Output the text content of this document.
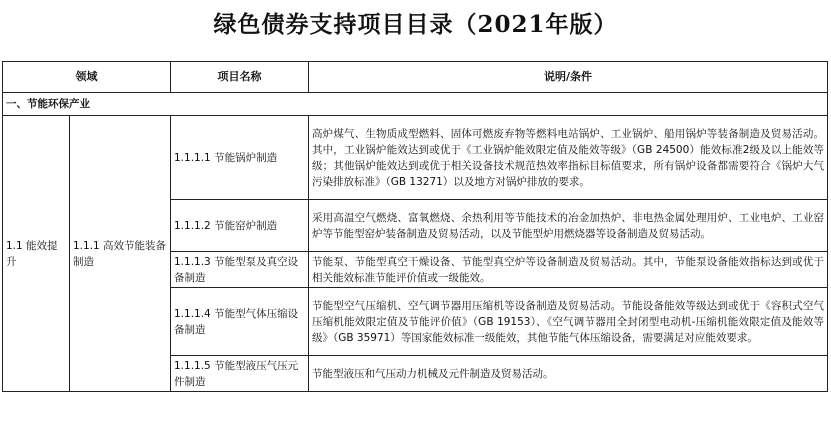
绿色债券支持项目目录（2021年版）
领域		项目名称	说明/条件
一、节能环保产业			
1.1 能效提升	1.1.1 高效节能装备制造	1.1.1.1 节能锅炉制造	高炉煤气、生物质成型燃料、固体可燃废弃物等燃料电站锅炉、工业锅炉、船用锅炉等装备制造及贸易活动。其中，工业锅炉能效达到或优于《工业锅炉能效限定值及能效等级》（GB 24500）能效标准2级及以上能效等级；其他锅炉能效达到或优于相关设备技术规范热效率指标目标值要求，所有锅炉设备都需要符合《锅炉大气污染排放标准》（GB 13271）以及地方对锅炉排放的要求。
		1.1.1.2 节能窑炉制造	采用高温空气燃烧、富氧燃烧、余热利用等节能技术的冶金加热炉、非电热金属处理用炉、工业电炉、工业窑炉等节能型窑炉装备制造及贸易活动，以及节能型炉用燃烧器等设备制造及贸易活动。
		1.1.1.3 节能型泵及真空设备制造	节能泵、节能型真空干燥设备、节能型真空炉等设备制造及贸易活动。其中，节能泵设备能效指标达到或优于相关能效标准节能评价值或一级能效。
		1.1.1.4 节能型气体压缩设备制造	节能型空气压缩机、空气调节器用压缩机等设备制造及贸易活动。节能设备能效等级达到或优于《容积式空气压缩机能效限定值及节能评价值》（GB 19153）、《空气调节器用全封闭型电动机-压缩机能效限定值及能效等级》（GB 35971）等国家能效标准一级能效，其他节能气体压缩设备，需要满足对应能效要求。
		1.1.1.5 节能型液压气压元件制造	节能型液压和气压动力机械及元件制造及贸易活动。
